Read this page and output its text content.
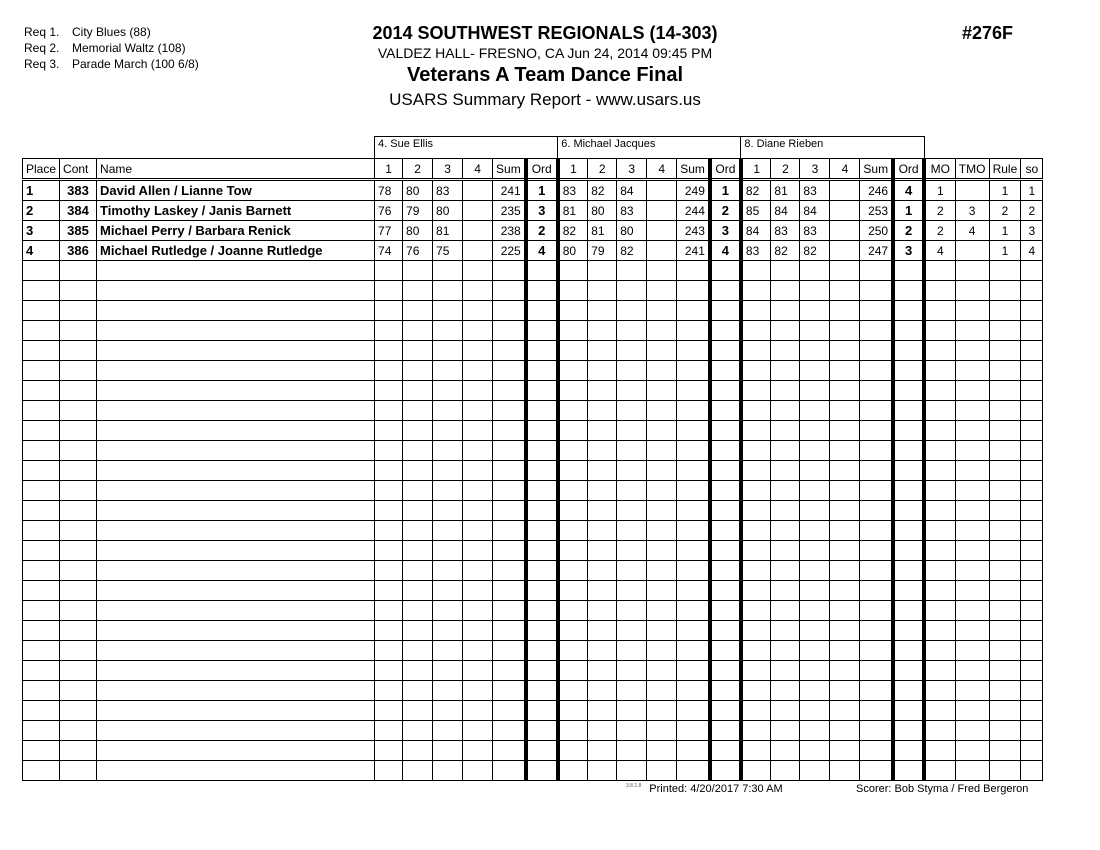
Req 1. City Blues (88)
Req 2. Memorial Waltz (108)
Req 3. Parade March (100 6/8)
2014 SOUTHWEST REGIONALS (14-303)
VALDEZ HALL- FRESNO, CA Jun 24, 2014 09:45 PM
Veterans A Team Dance Final
USARS Summary Report - www.usars.us
#276F
			4. Sue Ellis						6. Michael Jacques						8. Diane Rieben									
Place	Cont	Name	1	2	3	4	Sum	Ord	1	2	3	4	Sum	Ord	1	2	3	4	Sum	Ord	MO	TMO	Rule	so
1	383	David Allen / Lianne Tow	78	80	83		241	1	83	82	84		249	1	82	81	83		246	4	1		1	1
2	384	Timothy Laskey / Janis Barnett	76	79	80		235	3	81	80	83		244	2	85	84	84		253	1	2	3	2	2
3	385	Michael Perry / Barbara Renick	77	80	81		238	2	82	81	80		243	3	84	83	83		250	2	2	4	1	3
4	386	Michael Rutledge / Joanne Rutledge	74	76	75		225	4	80	79	82		241	4	83	82	82		247	3	4		1	4

$^{3.8.1.8}$ Printed: 4/20/2017 7:30 AM	Scorer: Bob Styma / Fred Bergeron
